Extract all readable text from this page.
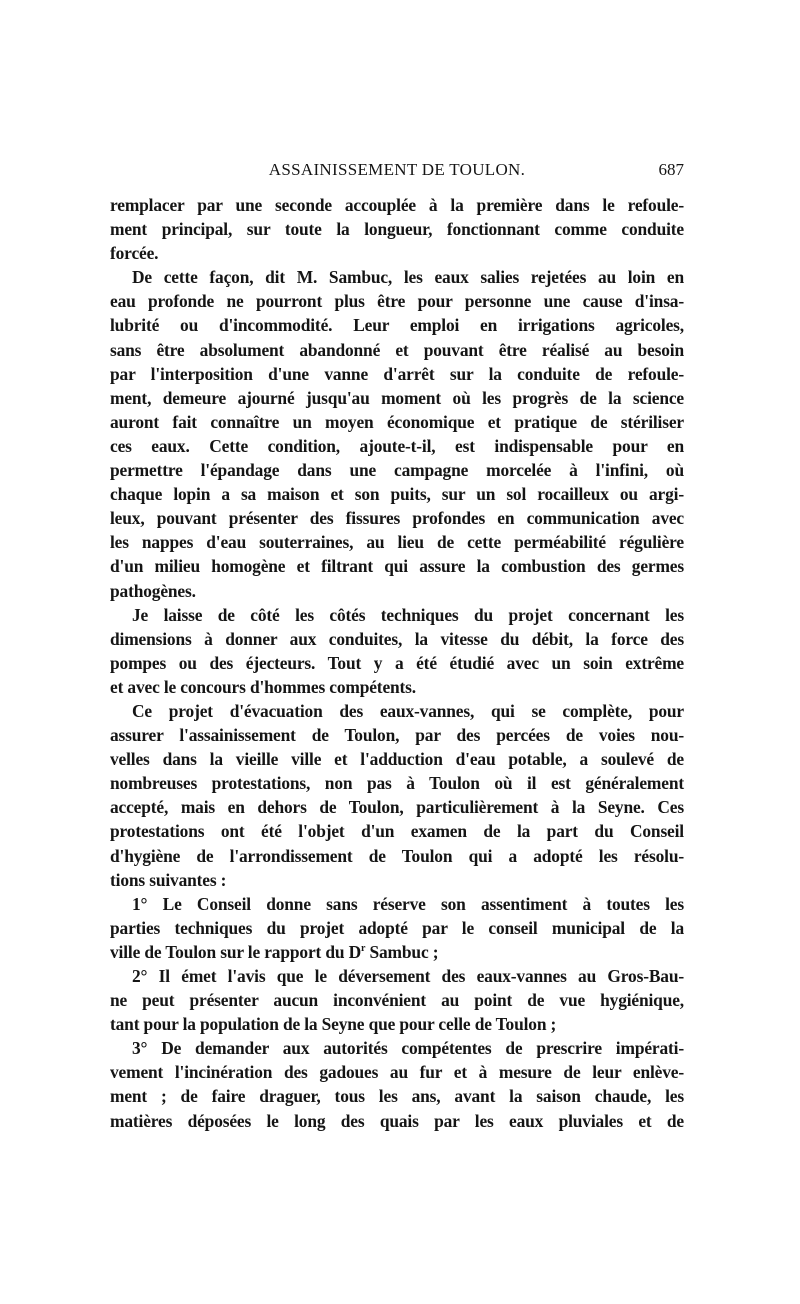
ASSAINISSEMENT DE TOULON.	687
remplacer par une seconde accouplée à la première dans le refoule-
ment principal, sur toute la longueur, fonctionnant comme conduite
forcée.
De cette façon, dit M. Sambuc, les eaux salies rejetées au loin en
eau profonde ne pourront plus être pour personne une cause d'insa-
lubrité ou d'incommodité. Leur emploi en irrigations agricoles,
sans être absolument abandonné et pouvant être réalisé au besoin
par l'interposition d'une vanne d'arrêt sur la conduite de refoule-
ment, demeure ajourné jusqu'au moment où les progrès de la science
auront fait connaître un moyen économique et pratique de stériliser
ces eaux. Cette condition, ajoute-t-il, est indispensable pour en
permettre l'épandage dans une campagne morcelée à l'infini, où
chaque lopin a sa maison et son puits, sur un sol rocailleux ou argi-
leux, pouvant présenter des fissures profondes en communication avec
les nappes d'eau souterraines, au lieu de cette perméabilité régulière
d'un milieu homogène et filtrant qui assure la combustion des germes
pathogènes.
Je laisse de côté les côtés techniques du projet concernant les
dimensions à donner aux conduites, la vitesse du débit, la force des
pompes ou des éjecteurs. Tout y a été étudié avec un soin extrême
et avec le concours d'hommes compétents.
Ce projet d'évacuation des eaux-vannes, qui se complète, pour
assurer l'assainissement de Toulon, par des percées de voies nou-
velles dans la vieille ville et l'adduction d'eau potable, a soulevé de
nombreuses protestations, non pas à Toulon où il est généralement
accepté, mais en dehors de Toulon, particulièrement à la Seyne. Ces
protestations ont été l'objet d'un examen de la part du Conseil
d'hygiène de l'arrondissement de Toulon qui a adopté les résolu-
tions suivantes :
1° Le Conseil donne sans réserve son assentiment à toutes les
parties techniques du projet adopté par le conseil municipal de la
ville de Toulon sur le rapport du $D^r$ Sambuc ;
2° Il émet l'avis que le déversement des eaux-vannes au Gros-Bau-
ne peut présenter aucun inconvénient au point de vue hygiénique,
tant pour la population de la Seyne que pour celle de Toulon ;
3° De demander aux autorités compétentes de prescrire impérati-
vement l'incinération des gadoues au fur et à mesure de leur enlève-
ment ; de faire draguer, tous les ans, avant la saison chaude, les
matières déposées le long des quais par les eaux pluviales et de
